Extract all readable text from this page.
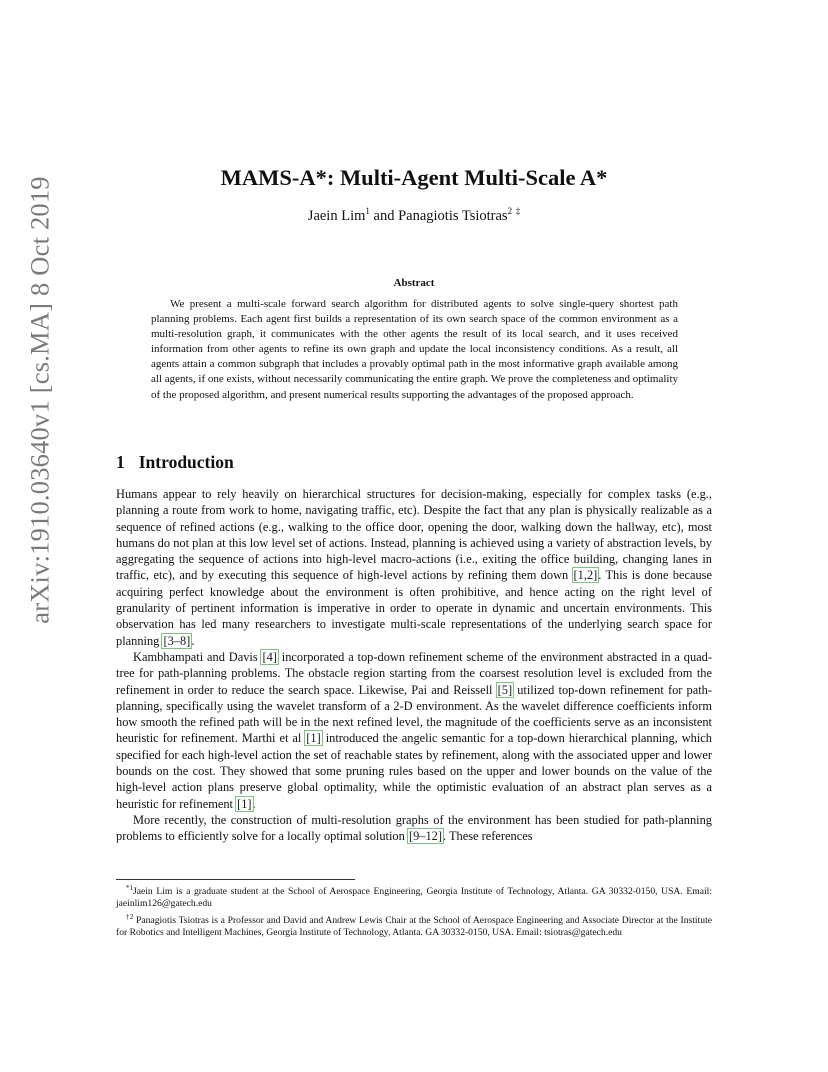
arXiv:1910.03640v1 [cs.MA] 8 Oct 2019	MAMS-A*: Multi-Agent Multi-Scale A*
Jaein Lim$^1$ and Panagiotis Tsiotras$^2$ ‡
Abstract

We present a multi-scale forward search algorithm for distributed agents to solve single-query shortest path planning problems. Each agent first builds a representation of its own search space of the common environment as a multi-resolution graph, it communicates with the other agents the result of its local search, and it uses received information from other agents to refine its own graph and update the local inconsistency conditions. As a result, all agents attain a common subgraph that includes a provably optimal path in the most informative graph available among all agents, if one exists, without necessarily communicating the entire graph. We prove the completeness and optimality of the proposed algorithm, and present numerical results supporting the advantages of the proposed approach.

1 Introduction

Humans appear to rely heavily on hierarchical structures for decision-making, especially for complex tasks (e.g., planning a route from work to home, navigating traffic, etc). Despite the fact that any plan is physically realizable as a sequence of refined actions (e.g., walking to the office door, opening the door, walking down the hallway, etc), most humans do not plan at this low level set of actions. Instead, planning is achieved using a variety of abstraction levels, by aggregating the sequence of actions into high-level macro-actions (i.e., exiting the office building, changing lanes in traffic, etc), and by executing this sequence of high-level actions by refining them down [1,2]. This is done because acquiring perfect knowledge about the environment is often prohibitive, and hence acting on the right level of granularity of pertinent information is imperative in order to operate in dynamic and uncertain environments. This observation has led many researchers to investigate multi-scale representations of the underlying search space for planning [3–8].

Kambhampati and Davis [4] incorporated a top-down refinement scheme of the environment abstracted in a quad-tree for path-planning problems. The obstacle region starting from the coarsest resolution level is excluded from the refinement in order to reduce the search space. Likewise, Pai and Reissell [5] utilized top-down refinement for path-planning, specifically using the wavelet transform of a 2-D environment. As the wavelet difference coefficients inform how smooth the refined path will be in the next refined level, the magnitude of the coefficients serve as an inconsistent heuristic for refinement. Marthi et al [1] introduced the angelic semantic for a top-down hierarchical planning, which specified for each high-level action the set of reachable states by refinement, along with the associated upper and lower bounds on the cost. They showed that some pruning rules based on the upper and lower bounds on the value of the high-level action plans preserve global optimality, while the optimistic evaluation of an abstract plan serves as a heuristic for refinement [1].

More recently, the construction of multi-resolution graphs of the environment has been studied for path-planning problems to efficiently solve for a locally optimal solution [9–12]. These references

$^{*1}$Jaein Lim is a graduate student at the School of Aerospace Engineering, Georgia Institute of Technology, Atlanta. GA 30332-0150, USA. Email: jaeinlim126@gatech.edu

$^{\dagger 2}$ Panagiotis Tsiotras is a Professor and David and Andrew Lewis Chair at the School of Aerospace Engineering and Associate Director at the Institute for Robotics and Intelligent Machines, Georgia Institute of Technology, Atlanta. GA 30332-0150, USA. Email: tsiotras@gatech.edu
